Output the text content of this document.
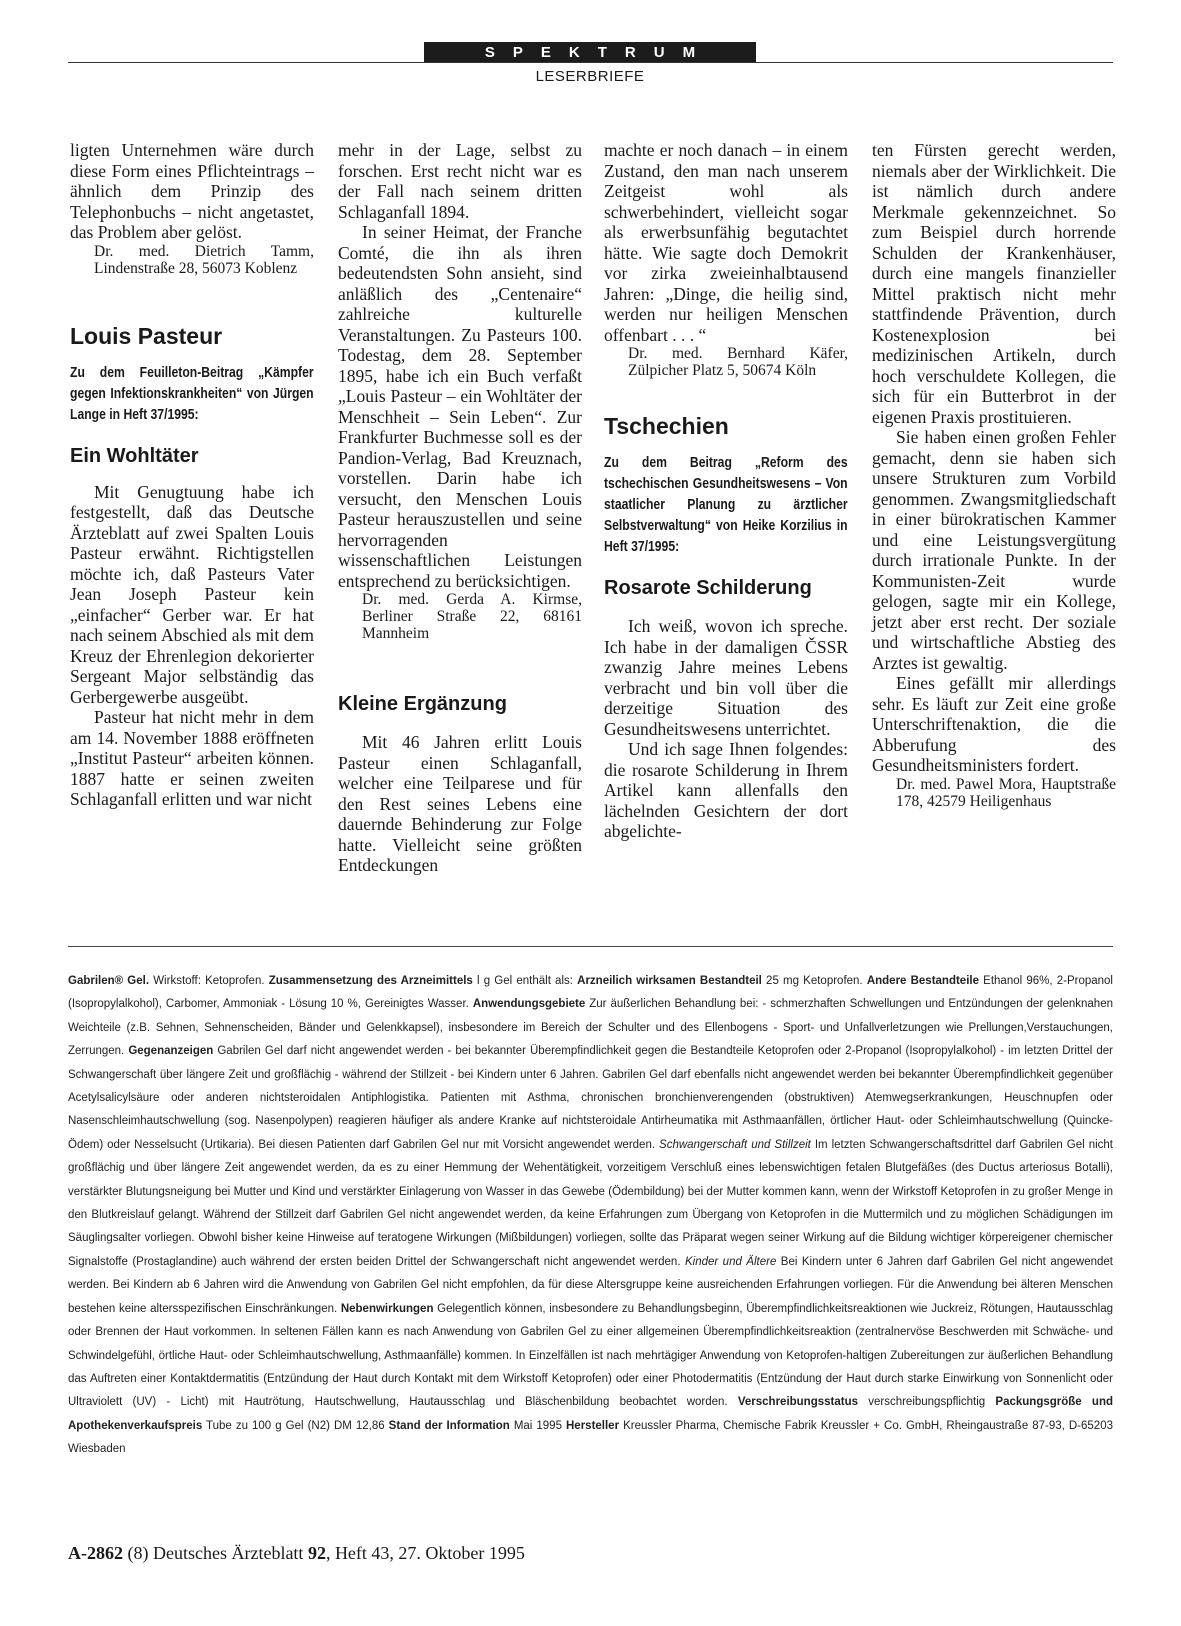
SPEKTRUM
LESERBRIEFE

ligten Unternehmen wäre durch diese Form eines Pflichteintrags – ähnlich dem Prinzip des Telephonbuchs – nicht angetastet, das Problem aber gelöst.

Dr. med. Dietrich Tamm, Lindenstraße 28, 56073 Koblenz

Louis Pasteur

Zu dem Feuilleton-Beitrag „Kämpfer gegen Infektionskrankheiten“ von Jürgen Lange in Heft 37/1995:

Ein Wohltäter

Mit Genugtuung habe ich festgestellt, daß das Deutsche Ärzteblatt auf zwei Spalten Louis Pasteur erwähnt. Richtigstellen möchte ich, daß Pasteurs Vater Jean Joseph Pasteur kein „einfacher“ Gerber war. Er hat nach seinem Abschied als mit dem Kreuz der Ehrenlegion dekorierter Sergeant Major selbständig das Gerbergewerbe ausgeübt.

Pasteur hat nicht mehr in dem am 14. November 1888 eröffneten „Institut Pasteur“ arbeiten können. 1887 hatte er seinen zweiten Schlaganfall erlitten und war nicht

mehr in der Lage, selbst zu forschen. Erst recht nicht war es der Fall nach seinem dritten Schlaganfall 1894.

In seiner Heimat, der Franche Comté, die ihn als ihren bedeutendsten Sohn ansieht, sind anläßlich des „Centenaire“ zahlreiche kulturelle Veranstaltungen. Zu Pasteurs 100. Todestag, dem 28. September 1895, habe ich ein Buch verfaßt „Louis Pasteur – ein Wohltäter der Menschheit – Sein Leben“. Zur Frankfurter Buchmesse soll es der Pandion-Verlag, Bad Kreuznach, vorstellen. Darin habe ich versucht, den Menschen Louis Pasteur herauszustellen und seine hervorragenden wissenschaftlichen Leistungen entsprechend zu berücksichtigen.

Dr. med. Gerda A. Kirmse, Berliner Straße 22, 68161 Mannheim

Kleine Ergänzung

Mit 46 Jahren erlitt Louis Pasteur einen Schlaganfall, welcher eine Teilparese und für den Rest seines Lebens eine dauernde Behinderung zur Folge hatte. Vielleicht seine größten Entdeckungen

machte er noch danach – in einem Zustand, den man nach unserem Zeitgeist wohl als schwerbehindert, vielleicht sogar als erwerbsunfähig begutachtet hätte. Wie sagte doch Demokrit vor zirka zweieinhalbtausend Jahren: „Dinge, die heilig sind, werden nur heiligen Menschen offenbart . . . “

Dr. med. Bernhard Käfer, Zülpicher Platz 5, 50674 Köln

Tschechien

Zu dem Beitrag „Reform des tschechischen Gesundheitswesens – Von staatlicher Planung zu ärztlicher Selbstverwaltung“ von Heike Korzilius in Heft 37/1995:

Rosarote Schilderung

Ich weiß, wovon ich spreche. Ich habe in der damaligen ČSSR zwanzig Jahre meines Lebens verbracht und bin voll über die derzeitige Situation des Gesundheitswesens unterrichtet.

Und ich sage Ihnen folgendes: die rosarote Schilderung in Ihrem Artikel kann allenfalls den lächelnden Gesichtern der dort abgelichte-

ten Fürsten gerecht werden, niemals aber der Wirklichkeit. Die ist nämlich durch andere Merkmale gekennzeichnet. So zum Beispiel durch horrende Schulden der Krankenhäuser, durch eine mangels finanzieller Mittel praktisch nicht mehr stattfindende Prävention, durch Kostenexplosion bei medizinischen Artikeln, durch hoch verschuldete Kollegen, die sich für ein Butterbrot in der eigenen Praxis prostituieren.

Sie haben einen großen Fehler gemacht, denn sie haben sich unsere Strukturen zum Vorbild genommen. Zwangsmitgliedschaft in einer bürokratischen Kammer und eine Leistungsvergütung durch irrationale Punkte. In der Kommunisten-Zeit wurde gelogen, sagte mir ein Kollege, jetzt aber erst recht. Der soziale und wirtschaftliche Abstieg des Arztes ist gewaltig.

Eines gefällt mir allerdings sehr. Es läuft zur Zeit eine große Unterschriftenaktion, die die Abberufung des Gesundheitsministers fordert.

Dr. med. Pawel Mora, Hauptstraße 178, 42579 Heiligenhaus

Gabrilen® Gel. Wirkstoff: Ketoprofen. Zusammensetzung des Arzneimittels l g Gel enthält als: Arzneilich wirksamen Bestandteil 25 mg Ketoprofen. Andere Bestandteile Ethanol 96%, 2-Propanol (Isopropylalkohol), Carbomer, Ammoniak - Lösung 10 %, Gereinigtes Wasser. Anwendungsgebiete Zur äußerlichen Behandlung bei: - schmerzhaften Schwellungen und Entzündungen der gelenknahen Weichteile (z.B. Sehnen, Sehnenscheiden, Bänder und Gelenkkapsel), insbesondere im Bereich der Schulter und des Ellenbogens - Sport- und Unfallverletzungen wie Prellungen,Verstauchungen, Zerrungen. Gegenanzeigen Gabrilen Gel darf nicht angewendet werden - bei bekannter Überempfindlichkeit gegen die Bestandteile Ketoprofen oder 2-Propanol (Isopropylalkohol) - im letzten Drittel der Schwangerschaft über längere Zeit und großflächig - während der Stillzeit - bei Kindern unter 6 Jahren. Gabrilen Gel darf ebenfalls nicht angewendet werden bei bekannter Überempfindlichkeit gegenüber Acetylsalicylsäure oder anderen nichtsteroidalen Antiphlogistika. Patienten mit Asthma, chronischen bronchienverengenden (obstruktiven) Atemwegserkrankungen, Heuschnupfen oder Nasenschleimhautschwellung (sog. Nasenpolypen) reagieren häufiger als andere Kranke auf nichtsteroidale Antirheumatika mit Asthmaanfällen, örtlicher Haut- oder Schleimhautschwellung (Quincke-Ödem) oder Nesselsucht (Urtikaria). Bei diesen Patienten darf Gabrilen Gel nur mit Vorsicht angewendet werden. Schwangerschaft und Stillzeit Im letzten Schwangerschaftsdrittel darf Gabrilen Gel nicht großflächig und über längere Zeit angewendet werden, da es zu einer Hemmung der Wehentätigkeit, vorzeitigem Verschluß eines lebenswichtigen fetalen Blutgefäßes (des Ductus arteriosus Botalli), verstärkter Blutungsneigung bei Mutter und Kind und verstärkter Einlagerung von Wasser in das Gewebe (Ödembildung) bei der Mutter kommen kann, wenn der Wirkstoff Ketoprofen in zu großer Menge in den Blutkreislauf gelangt. Während der Stillzeit darf Gabrilen Gel nicht angewendet werden, da keine Erfahrungen zum Übergang von Ketoprofen in die Muttermilch und zu möglichen Schädigungen im Säuglingsalter vorliegen. Obwohl bisher keine Hinweise auf teratogene Wirkungen (Mißbildungen) vorliegen, sollte das Präparat wegen seiner Wirkung auf die Bildung wichtiger körpereigener chemischer Signalstoffe (Prostaglandine) auch während der ersten beiden Drittel der Schwangerschaft nicht angewendet werden. Kinder und Ältere Bei Kindern unter 6 Jahren darf Gabrilen Gel nicht angewendet werden. Bei Kindern ab 6 Jahren wird die Anwendung von Gabrilen Gel nicht empfohlen, da für diese Altersgruppe keine ausreichenden Erfahrungen vorliegen. Für die Anwendung bei älteren Menschen bestehen keine altersspezifischen Einschränkungen. Nebenwirkungen Gelegentlich können, insbesondere zu Behandlungsbeginn, Überempfindlichkeitsreaktionen wie Juckreiz, Rötungen, Hautausschlag oder Brennen der Haut vorkommen. In seltenen Fällen kann es nach Anwendung von Gabrilen Gel zu einer allgemeinen Überempfindlichkeitsreaktion (zentralnervöse Beschwerden mit Schwäche- und Schwindelgefühl, örtliche Haut- oder Schleimhautschwellung, Asthmaanfälle) kommen. In Einzelfällen ist nach mehrtägiger Anwendung von Ketoprofen-haltigen Zubereitungen zur äußerlichen Behandlung das Auftreten einer Kontaktdermatitis (Entzündung der Haut durch Kontakt mit dem Wirkstoff Ketoprofen) oder einer Photodermatitis (Entzündung der Haut durch starke Einwirkung von Sonnenlicht oder Ultraviolett (UV) - Licht) mit Hautrötung, Hautschwellung, Hautausschlag und Bläschenbildung beobachtet worden. Verschreibungsstatus verschreibungspflichtig Packungsgröße und Apothekenverkaufspreis Tube zu 100 g Gel (N2) DM 12,86 Stand der Information Mai 1995 Hersteller Kreussler Pharma, Chemische Fabrik Kreussler + Co. GmbH, Rheingaustraße 87-93, D-65203 Wiesbaden
A-2862 (8) Deutsches Ärzteblatt 92, Heft 43, 27. Oktober 1995
